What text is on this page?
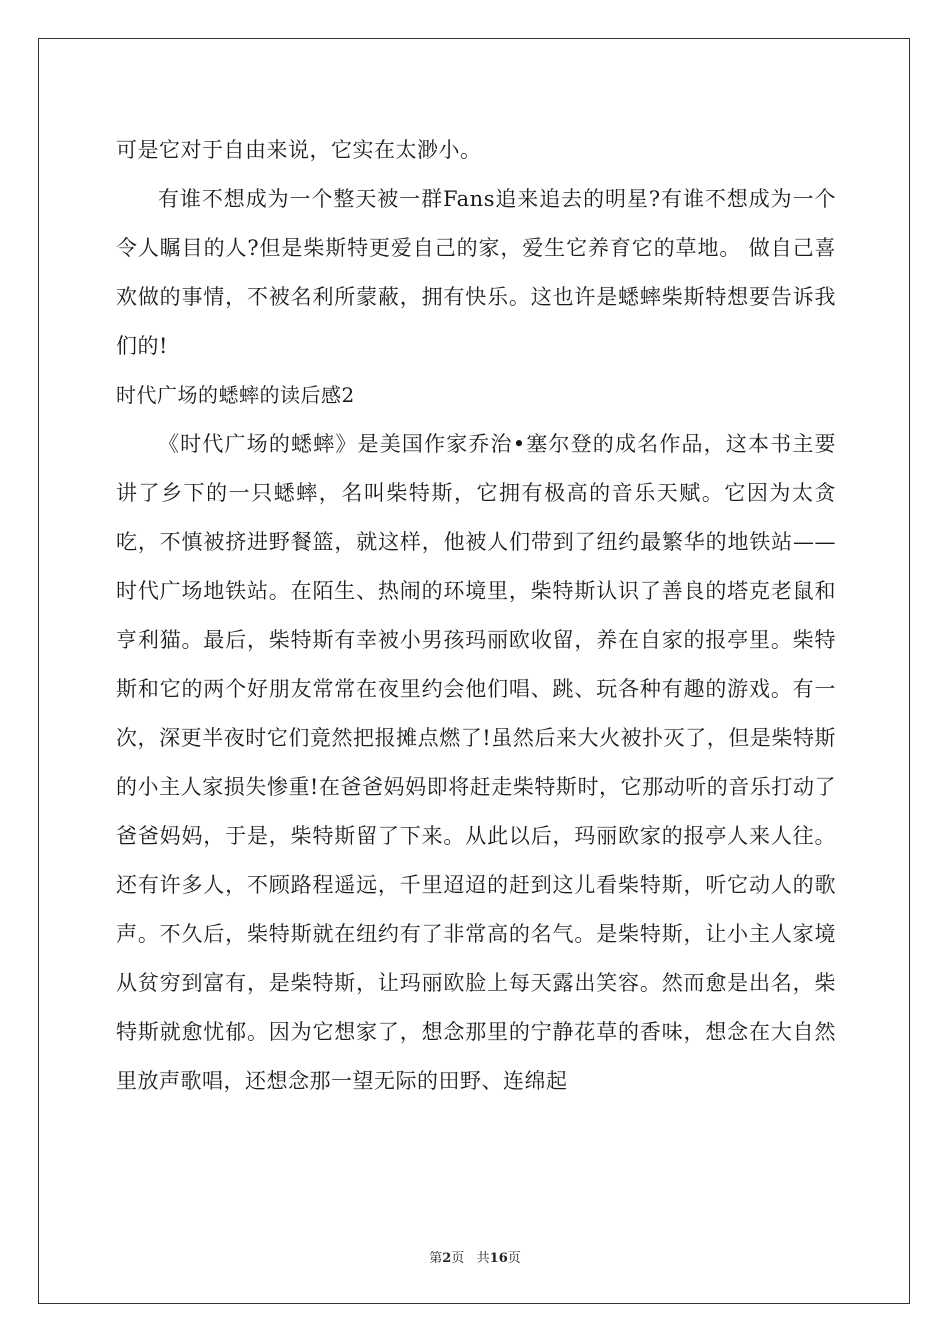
可是它对于自由来说，它实在太渺小。

有谁不想成为一个整天被一群Fans追来追去的明星?有谁不想成为一个令人瞩目的人?但是柴斯特更爱自己的家，爱生它养育它的草地。 做自己喜欢做的事情，不被名利所蒙蔽，拥有快乐。这也许是蟋蟀柴斯特想要告诉我们的!

时代广场的蟋蟀的读后感2

《时代广场的蟋蟀》是美国作家乔治•塞尔登的成名作品，这本书主要讲了乡下的一只蟋蟀，名叫柴特斯，它拥有极高的音乐天赋。它因为太贪吃，不慎被挤进野餐篮，就这样，他被人们带到了纽约最繁华的地铁站——时代广场地铁站。在陌生、热闹的环境里，柴特斯认识了善良的塔克老鼠和亨利猫。最后，柴特斯有幸被小男孩玛丽欧收留，养在自家的报亭里。柴特斯和它的两个好朋友常常在夜里约会他们唱、跳、玩各种有趣的游戏。有一次，深更半夜时它们竟然把报摊点燃了!虽然后来大火被扑灭了，但是柴特斯的小主人家损失惨重!在爸爸妈妈即将赶走柴特斯时，它那动听的音乐打动了爸爸妈妈，于是，柴特斯留了下来。从此以后，玛丽欧家的报亭人来人往。还有许多人，不顾路程遥远，千里迢迢的赶到这儿看柴特斯，听它动人的歌声。不久后，柴特斯就在纽约有了非常高的名气。是柴特斯，让小主人家境从贫穷到富有，是柴特斯，让玛丽欧脸上每天露出笑容。然而愈是出名，柴特斯就愈忧郁。因为它想家了，想念那里的宁静花草的香味，想念在大自然里放声歌唱，还想念那一望无际的田野、连绵起

第2页   共16页
